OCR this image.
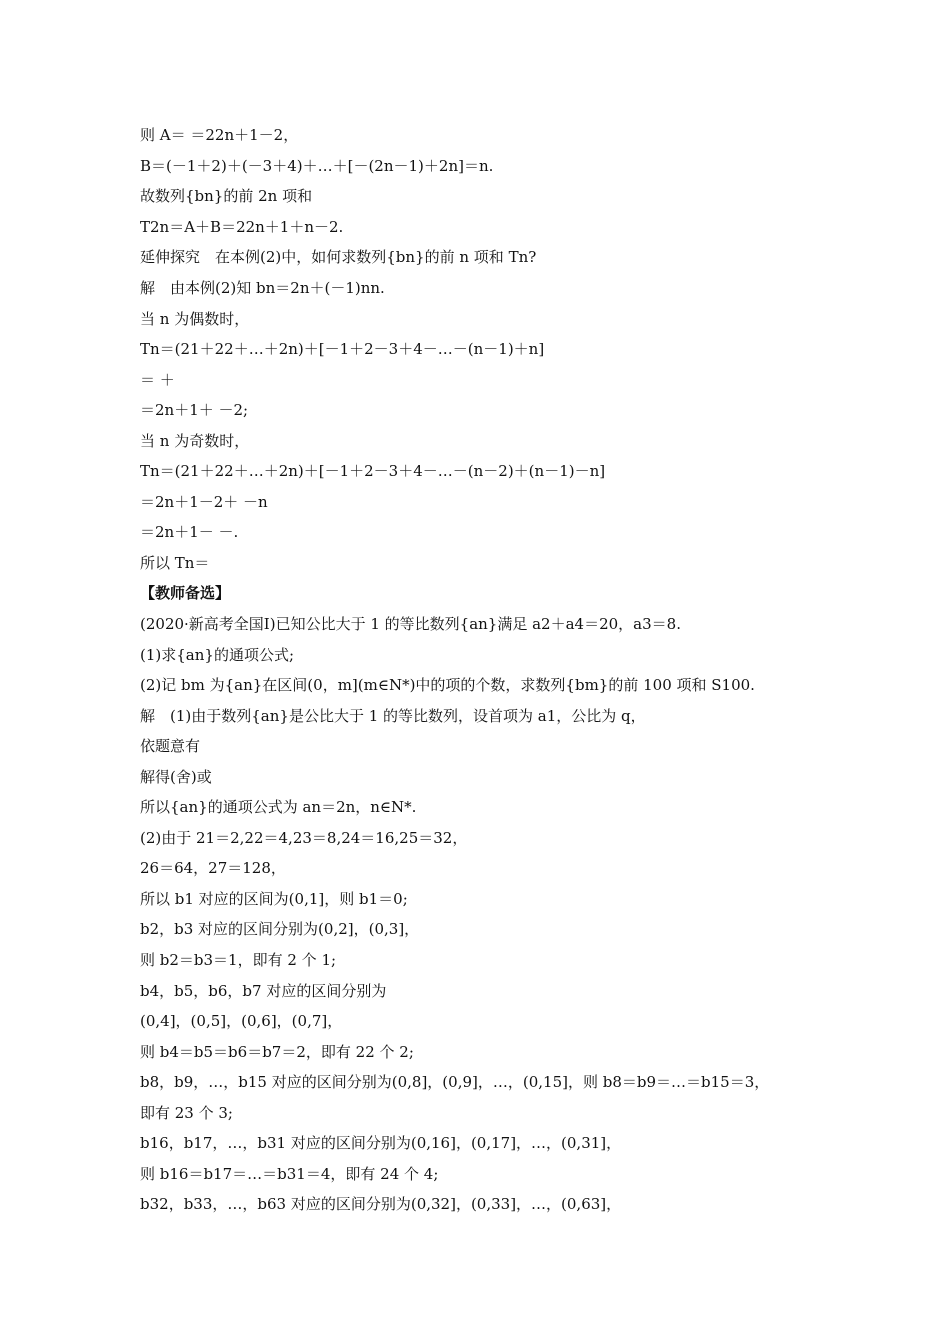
则 A＝ ＝22n＋1－2，
B＝(－1＋2)＋(－3＋4)＋…＋[－(2n－1)＋2n]＝n.
故数列{bn}的前 2n 项和
T2n＝A＋B＝22n＋1＋n－2.
延伸探究　在本例(2)中，如何求数列{bn}的前 n 项和 Tn?
解　由本例(2)知 bn＝2n＋(－1)nn.
当 n 为偶数时，
Tn＝(21＋22＋…＋2n)＋[－1＋2－3＋4－…－(n－1)＋n]
＝ ＋
＝2n＋1＋ －2;
当 n 为奇数时，
Tn＝(21＋22＋…＋2n)＋[－1＋2－3＋4－…－(n－2)＋(n－1)－n]
＝2n＋1－2＋ －n
＝2n＋1－ －.
所以 Tn＝
【教师备选】
(2020·新高考全国Ⅰ)已知公比大于 1 的等比数列{an}满足 a2＋a4＝20，a3＝8.
(1)求{an}的通项公式;
(2)记 bm 为{an}在区间(0，m](m∈N*)中的项的个数，求数列{bm}的前 100 项和 S100.
解　(1)由于数列{an}是公比大于 1 的等比数列，设首项为 a1，公比为 q，
依题意有
解得(舍)或
所以{an}的通项公式为 an＝2n，n∈N*.
(2)由于 21＝2,22＝4,23＝8,24＝16,25＝32，
26＝64，27＝128，
所以 b1 对应的区间为(0,1]，则 b1＝0;
b2，b3 对应的区间分别为(0,2]，(0,3]，
则 b2＝b3＝1，即有 2 个 1;
b4，b5，b6，b7 对应的区间分别为
(0,4]，(0,5]，(0,6]，(0,7]，
则 b4＝b5＝b6＝b7＝2，即有 22 个 2;
b8，b9，…，b15 对应的区间分别为(0,8]，(0,9]，…，(0,15]，则 b8＝b9＝…＝b15＝3，
即有 23 个 3;
b16，b17，…，b31 对应的区间分别为(0,16]，(0,17]，…，(0,31]，
则 b16＝b17＝…＝b31＝4，即有 24 个 4;
b32，b33，…，b63 对应的区间分别为(0,32]，(0,33]，…，(0,63]，
